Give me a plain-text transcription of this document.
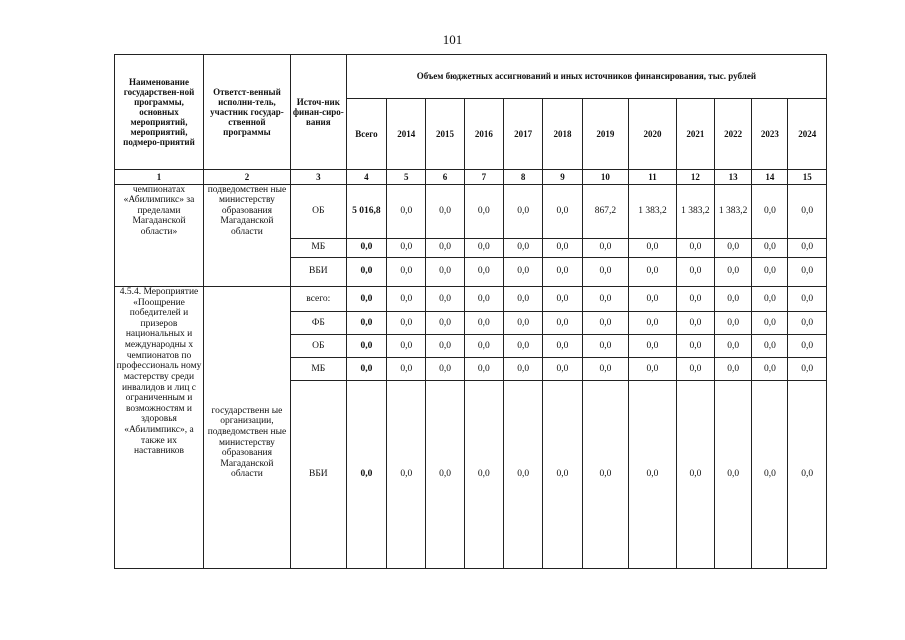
101
Наименование государствен-ной программы, основных мероприятий, мероприятий, подмеро-приятий	Ответст-венный исполни-тель, участник государ-ственной программы	Источ-ник финан-сиро-вания	Объем бюджетных ассигнований и иных источников финансирования, тыс. рублей											
			Всего	2014	2015	2016	2017	2018	2019	2020	2021	2022	2023	2024
1	2	3	4	5	6	7	8	9	10	11	12	13	14	15
чемпионатах «Абилимпикс» за пределами Магаданской области»	подведомствен ные министерству образования Магаданской области	ОБ	5 016,8	0,0	0,0	0,0	0,0	0,0	867,2	1 383,2	1 383,2	1 383,2	0,0	0,0
		МБ	0,0	0,0	0,0	0,0	0,0	0,0	0,0	0,0	0,0	0,0	0,0	0,0
		ВБИ	0,0	0,0	0,0	0,0	0,0	0,0	0,0	0,0	0,0	0,0	0,0	0,0
4.5.4. Мероприятие «Поощрение победителей и призеров национальных и международны х чемпионатов по профессиональ ному мастерству среди инвалидов и лиц с ограниченным и возможностям и здоровья «Абилимпикс», а также их наставников	государственн ые организации, подведомствен ные министерству образования Магаданской области	всего:	0,0	0,0	0,0	0,0	0,0	0,0	0,0	0,0	0,0	0,0	0,0	0,0
		ФБ	0,0	0,0	0,0	0,0	0,0	0,0	0,0	0,0	0,0	0,0	0,0	0,0
		ОБ	0,0	0,0	0,0	0,0	0,0	0,0	0,0	0,0	0,0	0,0	0,0	0,0
		МБ	0,0	0,0	0,0	0,0	0,0	0,0	0,0	0,0	0,0	0,0	0,0	0,0
		ВБИ	0,0	0,0	0,0	0,0	0,0	0,0	0,0	0,0	0,0	0,0	0,0	0,0
